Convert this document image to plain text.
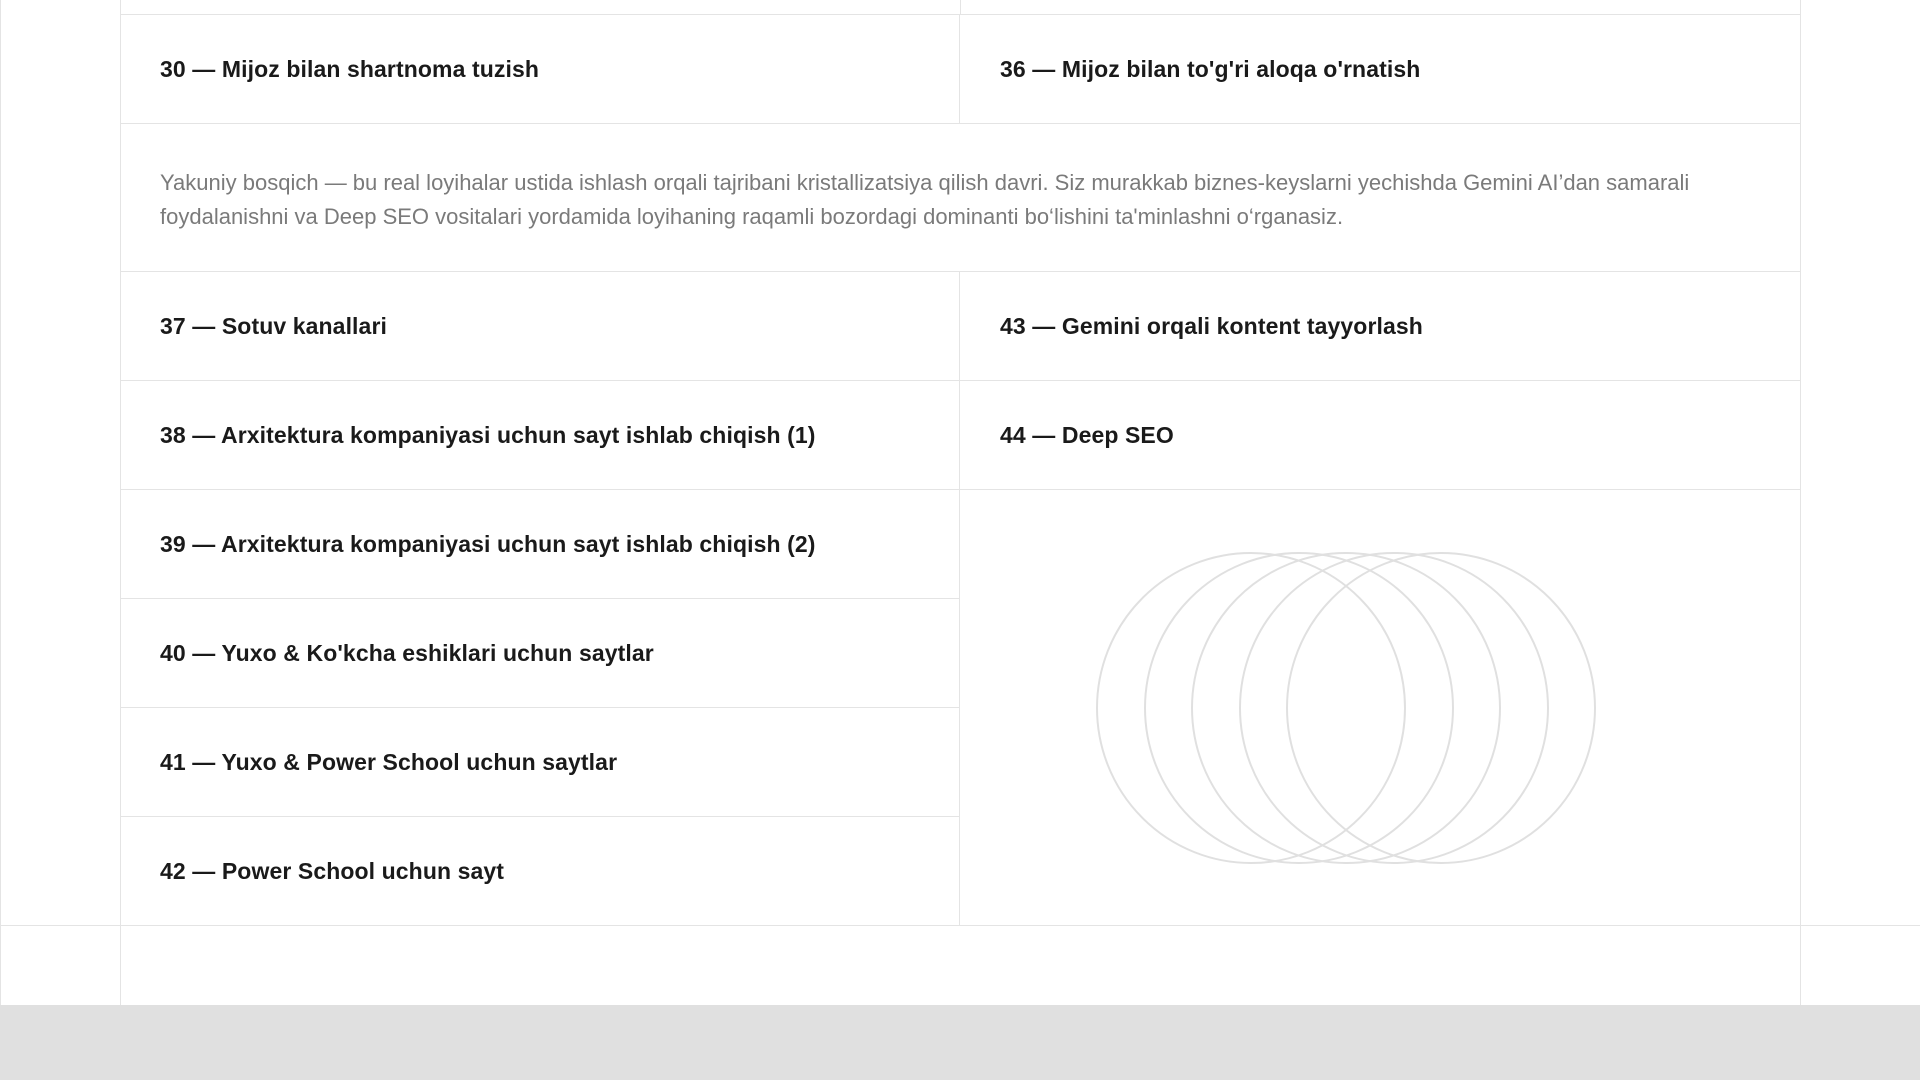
30 — Mijoz bilan shartnoma tuzish	36 — Mijoz bilan to'g'ri aloqa o'rnatish

Yakuniy bosqich — bu real loyihalar ustida ishlash orqali tajribani kristallizatsiya qilish davri. Siz murakkab biznes-keyslarni yechishda Gemini AI’dan samarali foydalanishni va Deep SEO vositalari yordamida loyihaning raqamli bozordagi dominanti bo‘lishini ta'minlashni o‘rganasiz.

37 — Sotuv kanallari
38 — Arxitektura kompaniyasi uchun sayt ishlab chiqish (1)
39 — Arxitektura kompaniyasi uchun sayt ishlab chiqish (2)
40 — Yuxo & Ko'kcha eshiklari uchun saytlar
41 — Yuxo & Power School uchun saytlar
42 — Power School uchun sayt
43 — Gemini orqali kontent tayyorlash
44 — Deep SEO
